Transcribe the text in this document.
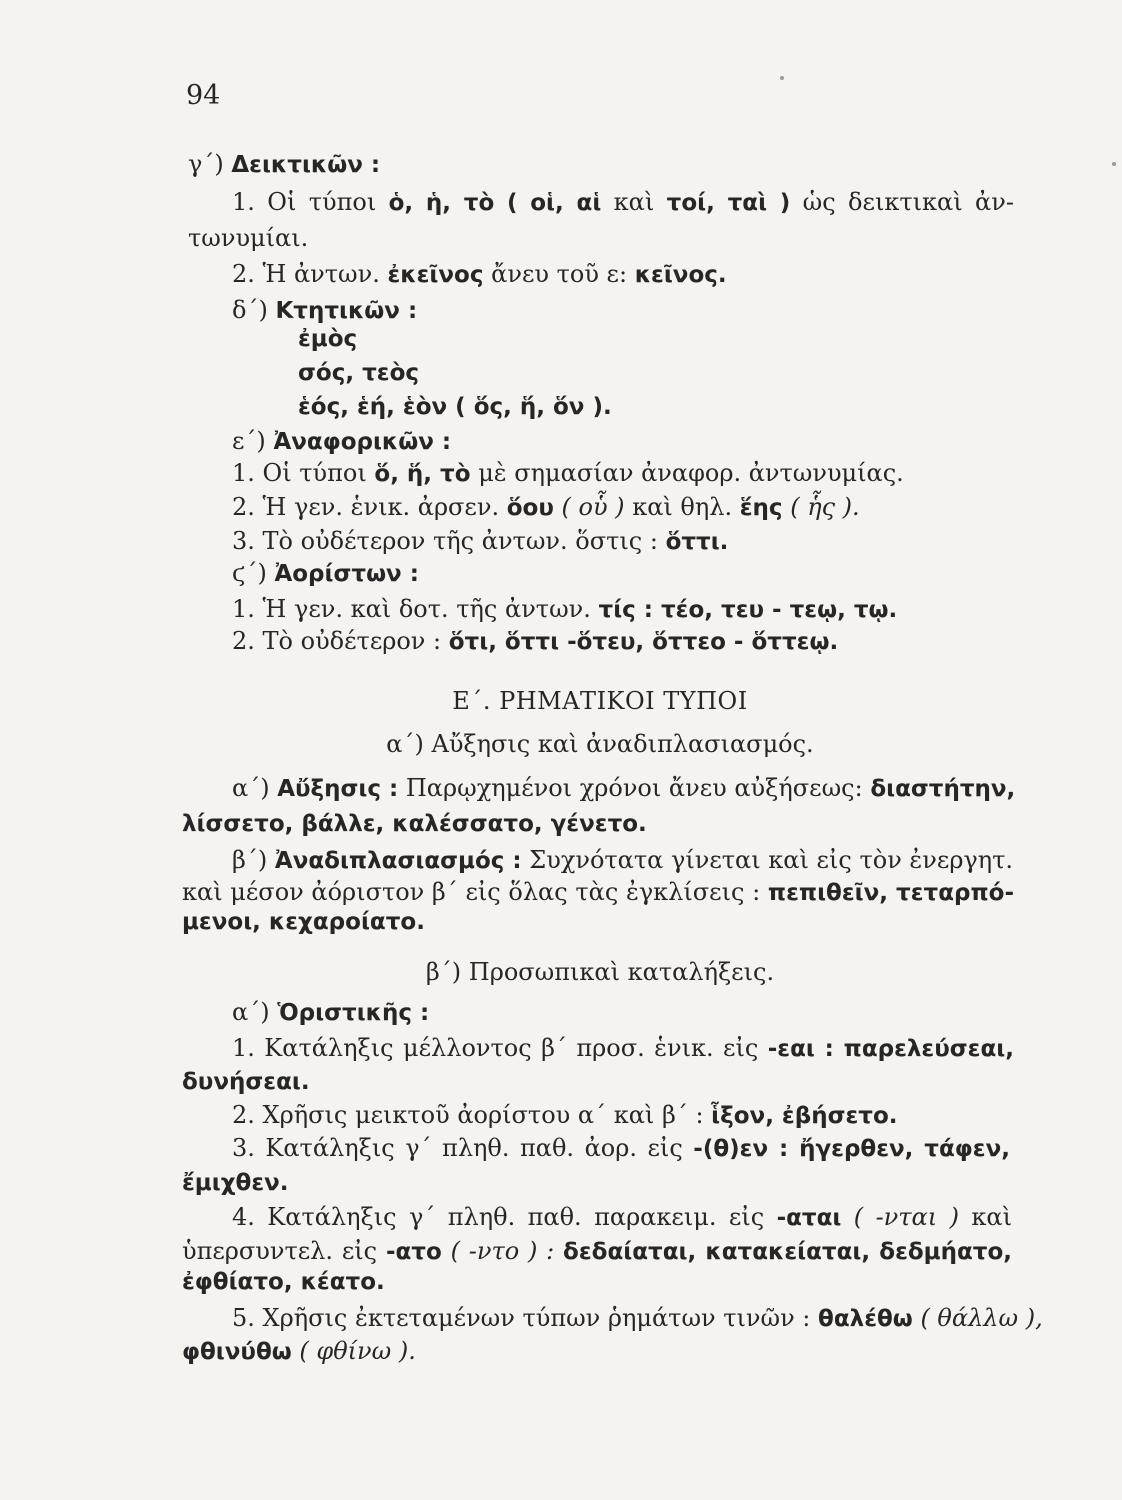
94
γ΄) Δεικτικῶν :
1. Οἱ τύποι ὁ, ἡ, τὸ ( οἱ, αἱ καὶ τοί, ταὶ ) ὡς δεικτικαὶ ἀν-
τωνυμίαι.
2. Ἡ ἀντων. ἐκεῖνος ἄνευ τοῦ ε: κεῖνος.
δ΄) Κτητικῶν :
ἐμὸς
σός, τεὸς
ἑός, ἑή, ἑὸν ( ὅς, ἥ, ὅν ).
ε΄) Ἀναφορικῶν :
1. Οἱ τύποι ὅ, ἥ, τὸ μὲ σημασίαν ἀναφορ. ἀντωνυμίας.
2. Ἡ γεν. ἑνικ. ἀρσεν. ὅου ( οὗ ) καὶ θηλ. ἕης ( ἧς ).
3. Τὸ οὐδέτερον τῆς ἀντων. ὅστις : ὅττι.
ϛ΄) Ἀορίστων :
1. Ἡ γεν. καὶ δοτ. τῆς ἀντων. τίς : τέο, τευ - τεῳ, τῳ.
2. Τὸ οὐδέτερον : ὅτι, ὅττι -ὅτευ, ὅττεο - ὅττεῳ.
Ε΄. ΡΗΜΑΤΙΚΟΙ ΤΥΠΟΙ
α΄) Αὔξησις καὶ ἀναδιπλασιασμός.
α΄) Αὔξησις : Παρῳχημένοι χρόνοι ἄνευ αὐξήσεως: διαστήτην,
λίσσετο, βάλλε, καλέσσατο, γένετο.
β΄) Ἀναδιπλασιασμός : Συχνότατα γίνεται καὶ εἰς τὸν ἐνεργητ.
καὶ μέσον ἀόριστον β΄ εἰς ὅλας τὰς ἐγκλίσεις : πεπιθεῖν, τεταρπό-
μενοι, κεχαροίατο.
β΄) Προσωπικαὶ καταλήξεις.
α΄) Ὁριστικῆς :
1. Κατάληξις μέλλοντος β΄ προσ. ἑνικ. εἰς -εαι : παρελεύσεαι,
δυνήσεαι.
2. Χρῆσις μεικτοῦ ἀορίστου α΄ καὶ β΄ : ἷξον, ἐβήσετο.
3. Κατάληξις γ΄ πληθ. παθ. ἀορ. εἰς -(θ)εν : ἤγερθεν, τάφεν,
ἔμιχθεν.
4. Κατάληξις γ΄ πληθ. παθ. παρακειμ. εἰς -αται ( -νται ) καὶ
ὑπερσυντελ. εἰς -ατο ( -ντο ) : δεδαίαται, κατακείαται, δεδμήατο,
ἐφθίατο, κέατο.
5. Χρῆσις ἐκτεταμένων τύπων ῥημάτων τινῶν : θαλέθω ( θάλλω ),
φθινύθω ( φθίνω ).
